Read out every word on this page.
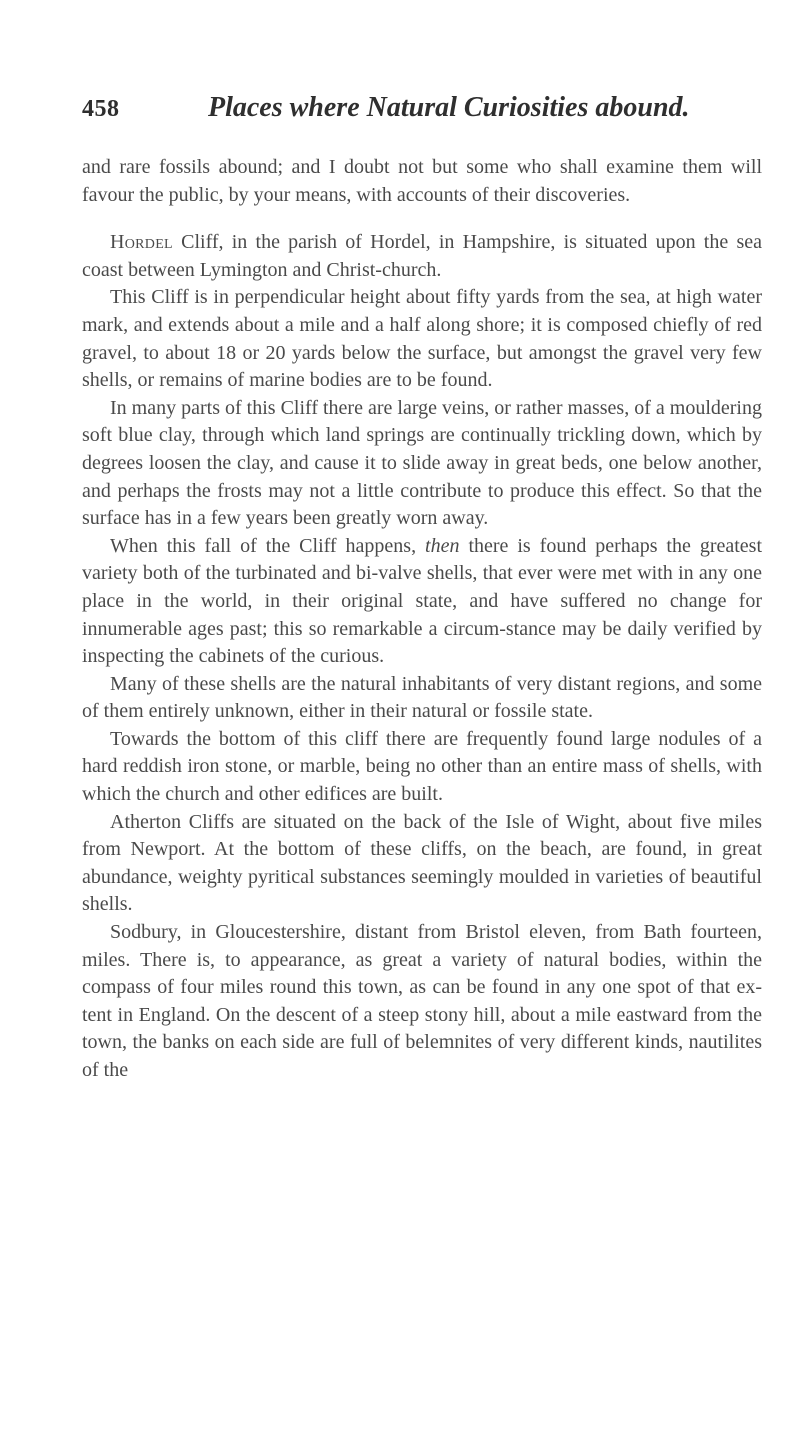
458	Places where Natural Curiosities abound.

and rare fossils abound; and I doubt not but some who shall examine them will favour the public, by your means, with accounts of their discoveries.

Hordel Cliff, in the parish of Hordel, in Hampshire, is situated upon the sea coast between Lymington and Christ-church.

This Cliff is in perpendicular height about fifty yards from the sea, at high water mark, and extends about a mile and a half along shore; it is composed chiefly of red gravel, to about 18 or 20 yards below the surface, but amongst the gravel very few shells, or remains of marine bodies are to be found.

In many parts of this Cliff there are large veins, or rather masses, of a mouldering soft blue clay, through which land springs are continually trickling down, which by degrees loosen the clay, and cause it to slide away in great beds, one below another, and perhaps the frosts may not a little contribute to produce this effect. So that the surface has in a few years been greatly worn away.

When this fall of the Cliff happens, then there is found perhaps the greatest variety both of the turbinated and bi-valve shells, that ever were met with in any one place in the world, in their original state, and have suffered no change for innumerable ages past; this so remarkable a circum-stance may be daily verified by inspecting the cabinets of the curious.

Many of these shells are the natural inhabitants of very distant regions, and some of them entirely unknown, either in their natural or fossile state.

Towards the bottom of this cliff there are frequently found large nodules of a hard reddish iron stone, or marble, being no other than an entire mass of shells, with which the church and other edifices are built.

Atherton Cliffs are situated on the back of the Isle of Wight, about five miles from Newport. At the bottom of these cliffs, on the beach, are found, in great abundance, weighty pyritical substances seemingly moulded in varieties of beautiful shells.

Sodbury, in Gloucestershire, distant from Bristol eleven, from Bath fourteen, miles. There is, to appearance, as great a variety of natural bodies, within the compass of four miles round this town, as can be found in any one spot of that ex-tent in England. On the descent of a steep stony hill, about a mile eastward from the town, the banks on each side are full of belemnites of very different kinds, nautilites of the
